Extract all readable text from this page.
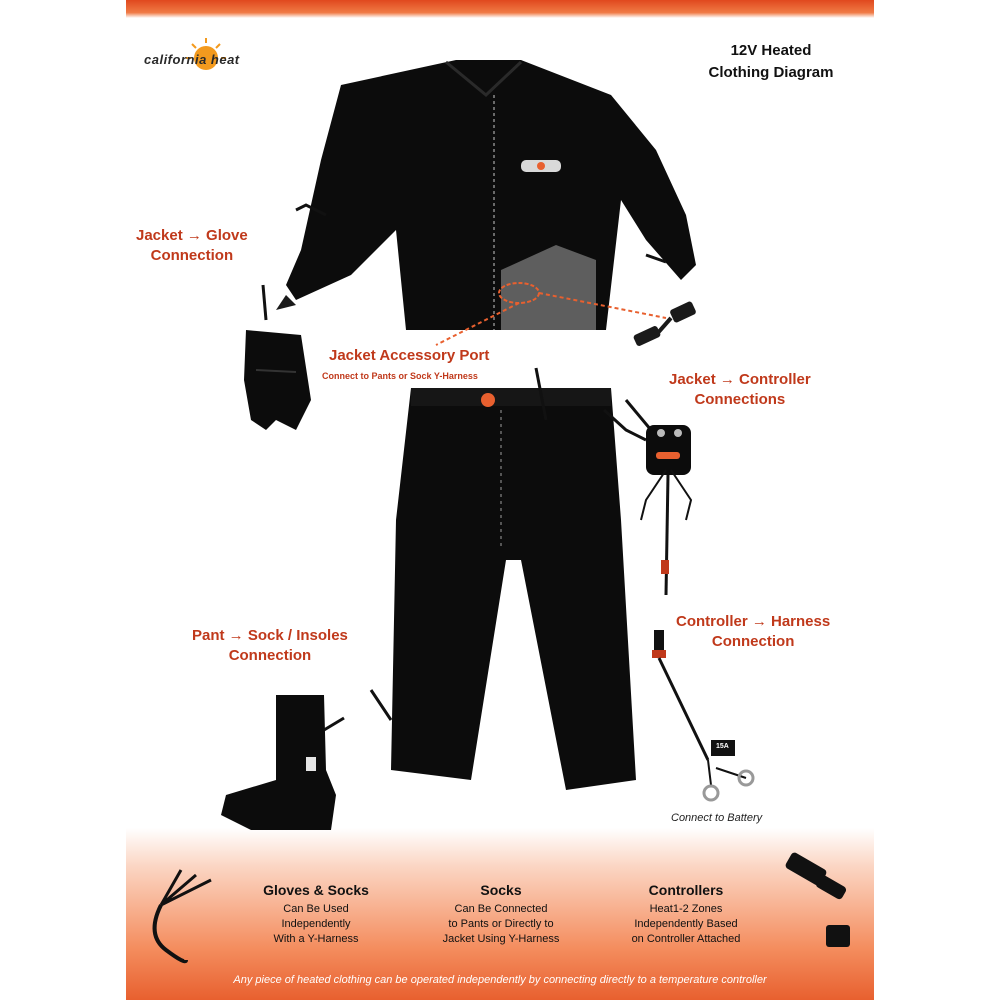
california heat
12V Heated
Clothing Diagram
Jacket → Glove
Connection
Jacket Accessory Port
Connect to Pants or Sock Y-Harness	Jacket → Controller
Connections
Controller → Harness
Connection
Pant → Sock / Insoles
Connection
15A
Connect to Battery
Gloves & Socks
Can Be Used
Independently
With a Y-Harness
Socks
Can Be Connected
to Pants or Directly to
Jacket Using Y-Harness
Controllers
Heat1-2 Zones
Independently Based
on Controller Attached
Any piece of heated clothing can be operated independently by connecting directly to a temperature controller
